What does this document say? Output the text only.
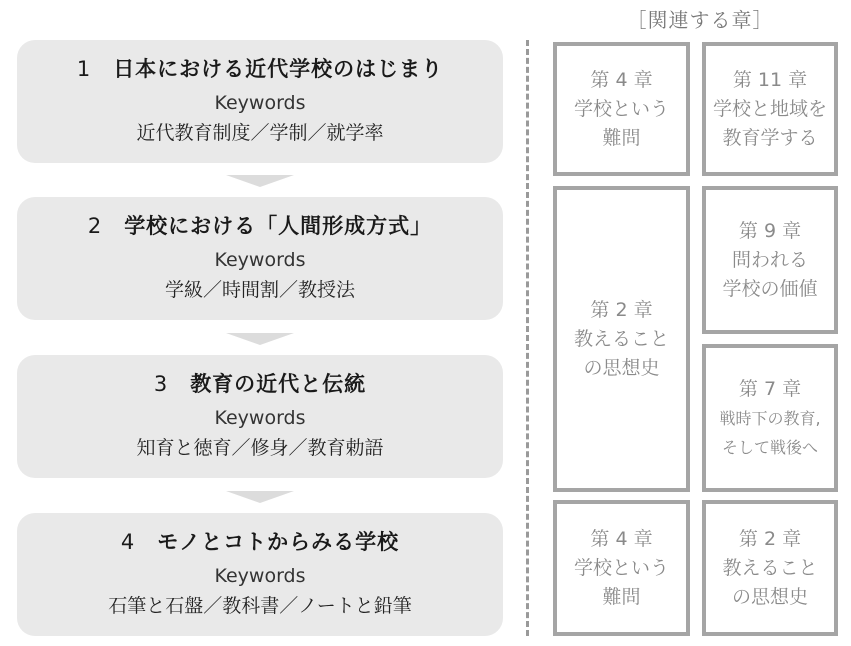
［関連する章］
1 日本における近代学校のはじまり
Keywords
近代教育制度／学制／就学率
2 学校における「人間形成方式」
Keywords
学級／時間割／教授法
3 教育の近代と伝統
Keywords
知育と徳育／修身／教育勅語
4 モノとコトからみる学校
Keywords
石筆と石盤／教科書／ノートと鉛筆
第 4 章
学校という
難問
第 11 章
学校と地域を
教育学する
第 2 章
教えること
の思想史
第 9 章
問われる
学校の価値
第 7 章
戦時下の教育,
そして戦後へ
第 4 章
学校という
難問
第 2 章
教えること
の思想史
